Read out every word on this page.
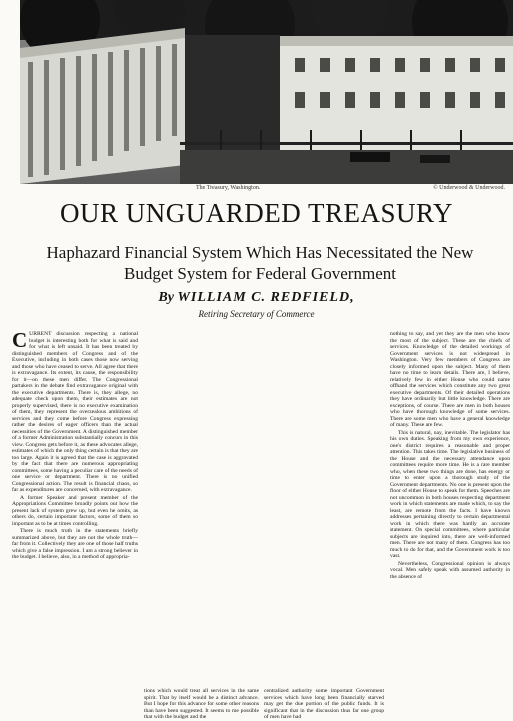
The Treasury, Washington.	© Underwood & Underwood.
OUR UNGUARDED TREASURY
Haphazard Financial System Which Has Necessitated the New Budget System for Federal Government
By WILLIAM C. REDFIELD,
Retiring Secretary of Commerce

CURRENT discussion respecting a national budget is interesting both for what is said and for what is left unsaid. It has been treated by distinguished members of Congress and of the Executive, including in both cases those now serving and those who have ceased to serve. All agree that there is extravagance. Its extent, its cause, the responsibility for it—on these men differ. The Congressional partakers in the debate find extravagance original with the executive departments. There is, they allege, no adequate check upon them, their estimates are not properly supervised, there is no executive examination of them, they represent the overzealous ambitions of services and they come before Congress expressing rather the desires of eager officers than the actual necessities of the Government. A distinguished member of a former Administration substantially concurs in this view. Congress gets before it, as these advocates allege, estimates of which the only thing certain is that they are too large. Again it is agreed that the case is aggravated by the fact that there are numerous appropriating committees, some having a peculiar care of the needs of one service or department. There is no unified Congressional action. The result is financial chaos, so far as expenditures are concerned, with extravagance.

A former Speaker and present member of the Appropriations Committee broadly points out how the present lack of system grew up, but even he omits, as others do, certain important factors, some of them so important as to be at times controlling.

There is much truth in the statements briefly summarized above, but they are not the whole truth—far from it. Collectively they are one of those half truths which give a false impression. I am a strong believer in the budget. I believe, also, in a method of appropria-

tions which would treat all services in the same spirit. That by itself would be a distinct advance. But I hope for this advance for some other reasons than have been suggested. It seems to me possible that with the budget and the

centralized authority some important Government services which have long been financially starved may get the due portion of the public funds. It is significant that in the discussion thus far one group of men have had

nothing to say, and yet they are the men who know the most of the subject. These are the chiefs of services. Knowledge of the detailed workings of Government services is not widespread in Washington. Very few members of Congress are closely informed upon the subject. Many of them have no time to learn details. There are, I believe, relatively few in either House who could name offhand the services which constitute any two great executive departments. Of their detailed operations they have ordinarily but little knowledge. There are exceptions, of course. There are men in both houses who have thorough knowledge of some services. There are some men who have a general knowledge of many. These are few.

This is natural, nay, inevitable. The legislator has his own duties. Speaking from my own experience, one's district requires a reasonable and proper attention. This takes time. The legislative business of the House and the necessary attendance upon committees require more time. He is a rare member who, when these two things are done, has energy or time to enter upon a thorough study of the Government departments. No one is present upon the floor of either House to speak for them. Speeches are not uncommon in both houses respecting department work in which statements are made which, to say the least, are remote from the facts. I have known addresses pertaining directly to certain departmental work in which there was hardly an accurate statement. On special committees, where particular subjects are inquired into, there are well-informed men. There are not many of them. Congress has too much to do for that, and the Government work is too vast.

Nevertheless, Congressional opinion is always vocal. Men safely speak with assumed authority in the absence of
